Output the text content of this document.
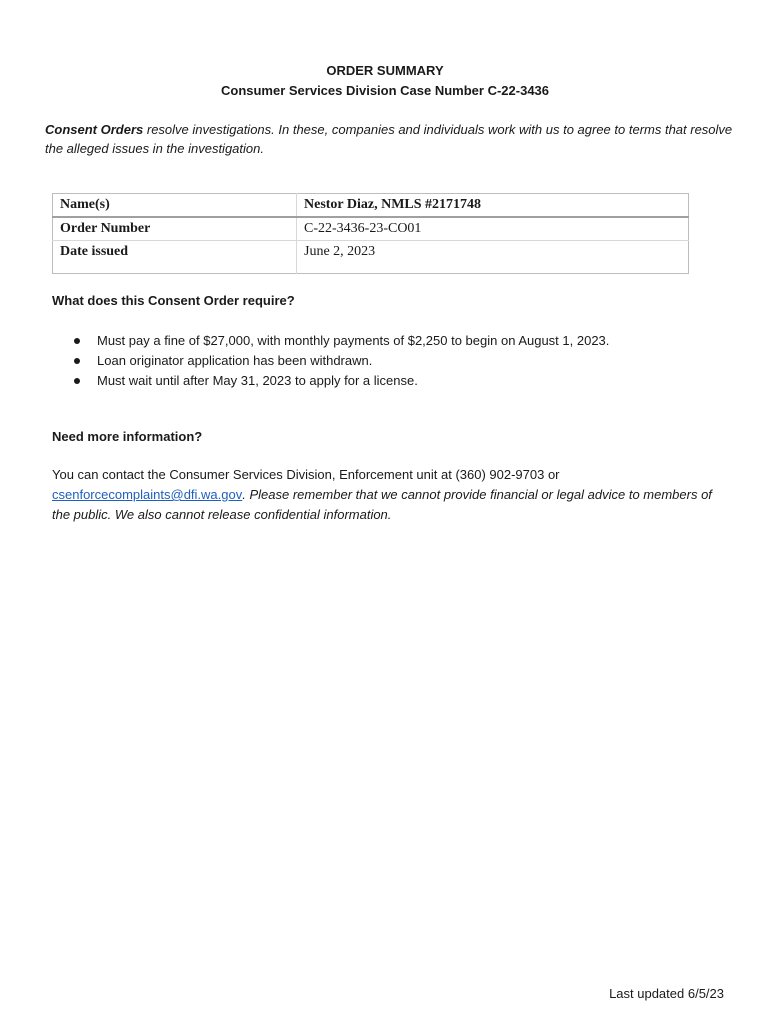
ORDER SUMMARY

Consumer Services Division Case Number C-22-3436

Consent Orders resolve investigations. In these, companies and individuals work with us to agree to terms that resolve the alleged issues in the investigation.

Name(s)	Nestor Diaz, NMLS #2171748
Order Number	C-22-3436-23-CO01
Date issued	June 2, 2023

What does this Consent Order require?

Must pay a fine of $27,000, with monthly payments of $2,250 to begin on August 1, 2023.
Loan originator application has been withdrawn.
Must wait until after May 31, 2023 to apply for a license.

Need more information?

You can contact the Consumer Services Division, Enforcement unit at (360) 902-9703 or
csenforcecomplaints@dfi.wa.gov. Please remember that we cannot provide financial or legal advice to members of the public. We also cannot release confidential information.

Last updated 6/5/23
